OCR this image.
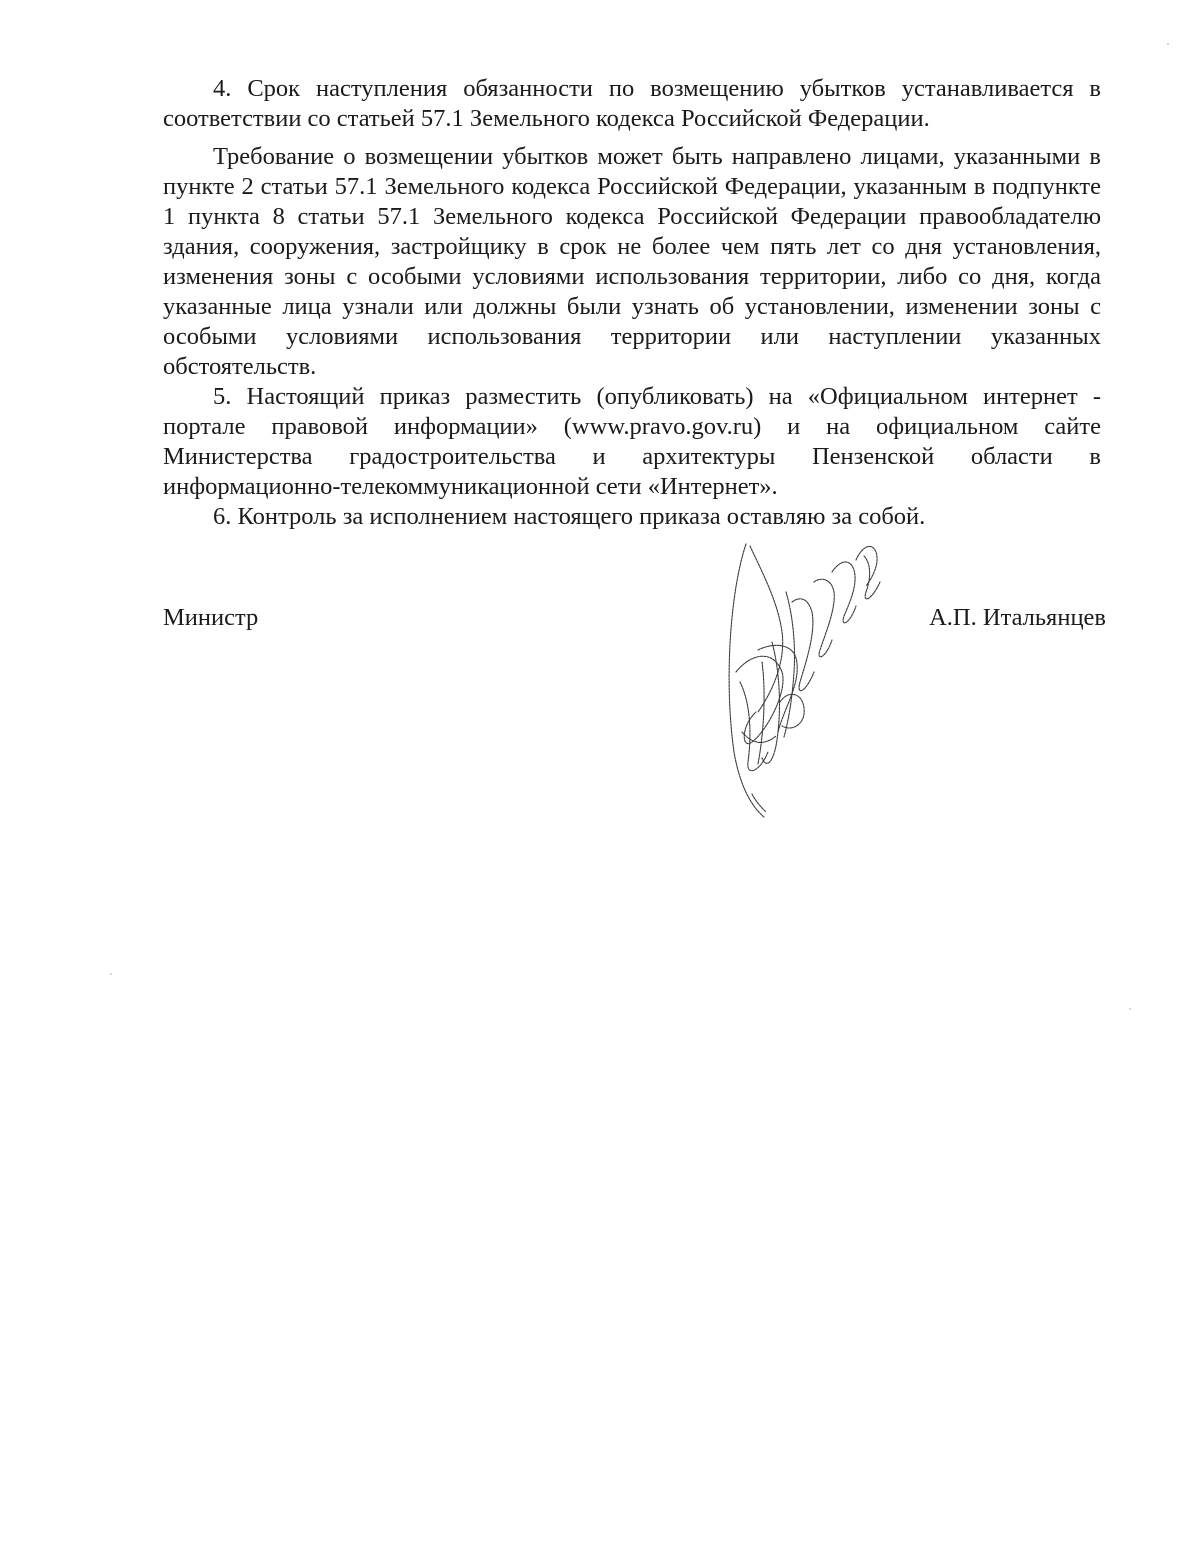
4. Срок наступления обязанности по возмещению убытков устанавливается в соответствии со статьей 57.1 Земельного кодекса Российской Федерации.

Требование о возмещении убытков может быть направлено лицами, указанными в пункте 2 статьи 57.1 Земельного кодекса Российской Федерации, указанным в подпункте 1 пункта 8 статьи 57.1 Земельного кодекса Российской Федерации правообладателю здания, сооружения, застройщику в срок не более чем пять лет со дня установления, изменения зоны с особыми условиями использования территории, либо со дня, когда указанные лица узнали или должны были узнать об установлении, изменении зоны с особыми условиями использования территории или наступлении указанных обстоятельств.

5. Настоящий приказ разместить (опубликовать) на «Официальном интернет - портале правовой информации» (www.pravo.gov.ru) и на официальном сайте Министерства градостроительства и архитектуры Пензенской области в информационно-телекоммуникационной сети «Интернет».

6. Контроль за исполнением настоящего приказа оставляю за собой.

Министр	А.П. Итальянцев
